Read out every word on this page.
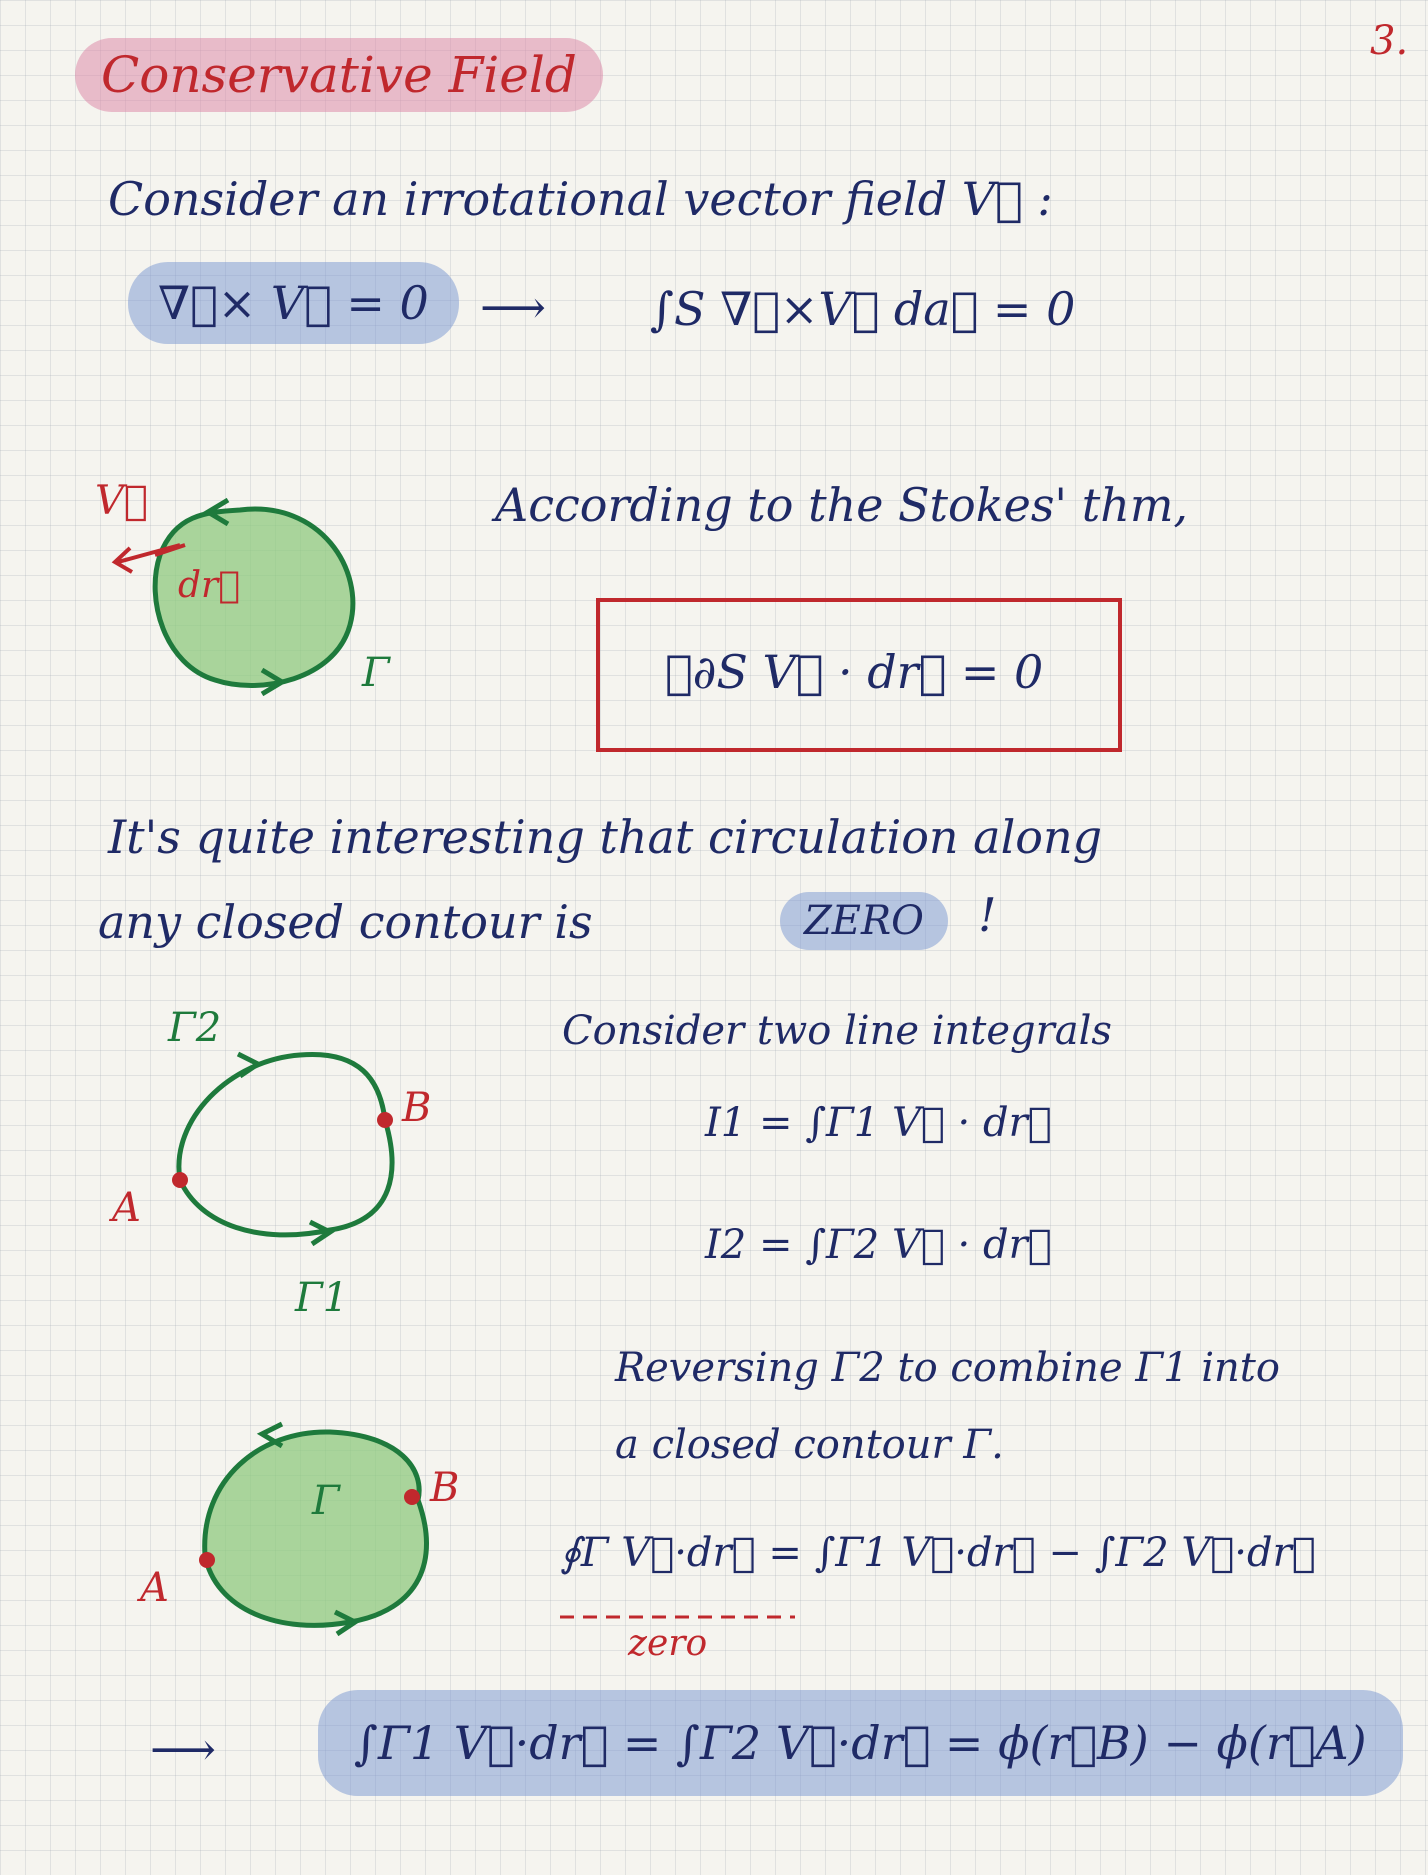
3.
Conservative Field
Consider an irrotational vector field V⃗ :
∇⃗× V⃗ = 0	⟶ ∫S ∇⃗×V⃗ da⃗ = 0
V⃗
dr⃗
Γ
According to the Stokes' thm,
∮∂S V⃗ · dr⃗ = 0
It's quite interesting that circulation along
any closed contour is	ZERO	!
Γ2
Γ1
A
B
Consider two line integrals
I1 = ∫Γ1 V⃗ · dr⃗
I2 = ∫Γ2 V⃗ · dr⃗
Reversing Γ2 to combine Γ1 into
a closed contour Γ.
Γ
A
B
∮Γ V⃗·dr⃗ = ∫Γ1 V⃗·dr⃗ − ∫Γ2 V⃗·dr⃗
zero
⟶	∫Γ1 V⃗·dr⃗ = ∫Γ2 V⃗·dr⃗ = ϕ(r⃗B) − ϕ(r⃗A)
